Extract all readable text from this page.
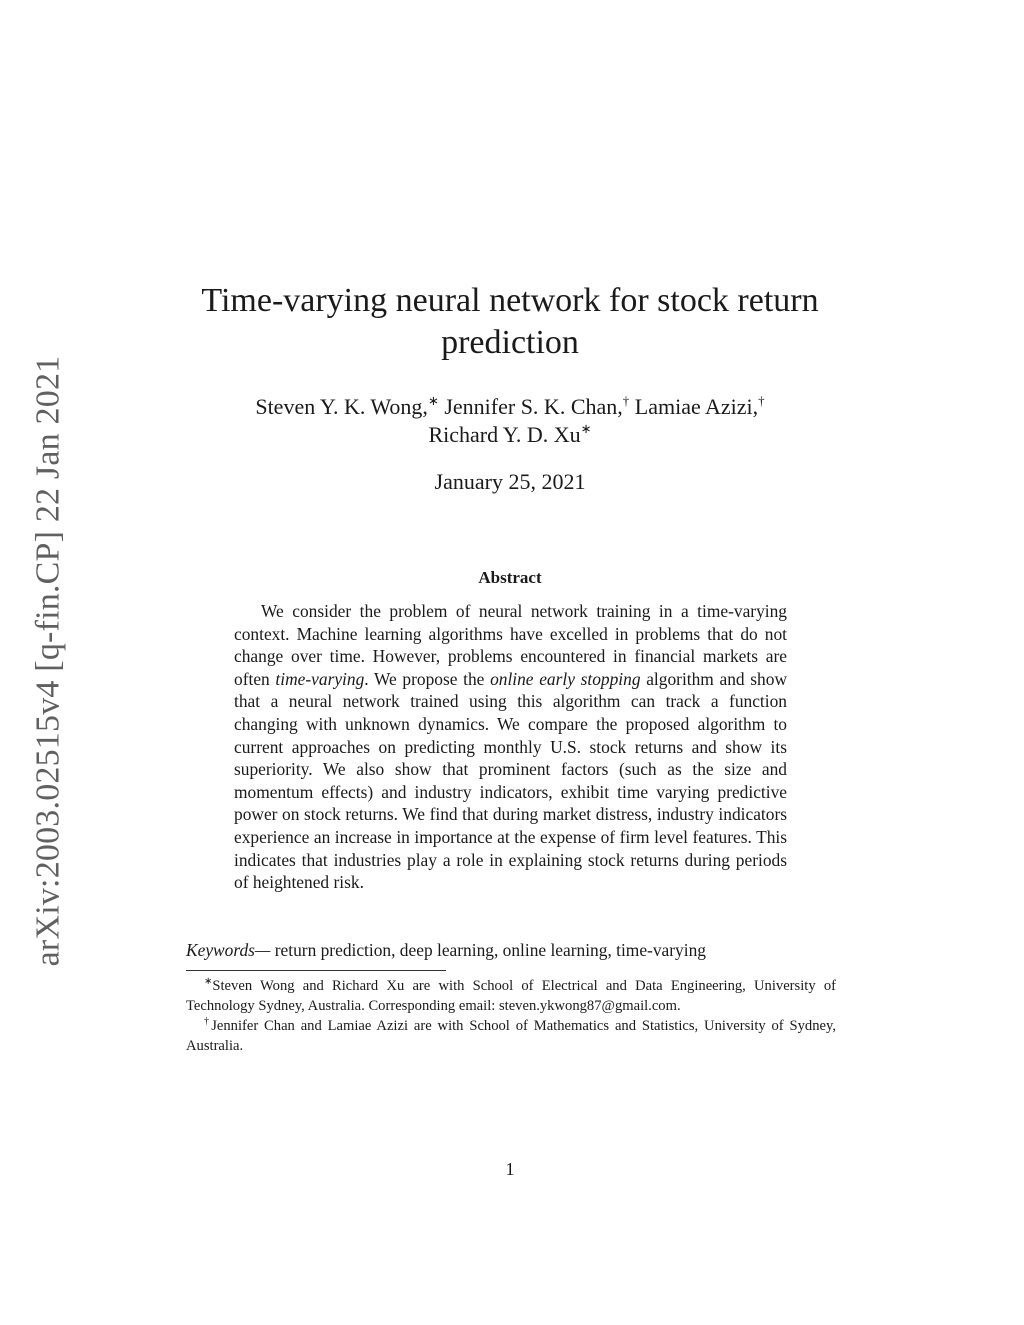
arXiv:2003.02515v4 [q-fin.CP] 22 Jan 2021
Time-varying neural network for stock return
prediction
Steven Y. K. Wong,∗ Jennifer S. K. Chan,† Lamiae Azizi,†
Richard Y. D. Xu∗
January 25, 2021
Abstract

We consider the problem of neural network training in a time-varying context. Machine learning algorithms have excelled in problems that do not change over time. However, problems encountered in financial markets are often time-varying. We propose the online early stopping algorithm and show that a neural network trained using this algorithm can track a function changing with unknown dynamics. We compare the proposed algorithm to current approaches on predicting monthly U.S. stock returns and show its superiority. We also show that prominent factors (such as the size and momentum effects) and industry indicators, exhibit time varying predictive power on stock returns. We find that during market distress, industry indicators experience an increase in importance at the expense of firm level features. This indicates that industries play a role in explaining stock returns during periods of heightened risk.

Keywords— return prediction, deep learning, online learning, time-varying

∗Steven Wong and Richard Xu are with School of Electrical and Data Engineering, University of Technology Sydney, Australia. Corresponding email: steven.ykwong87@gmail.com.

†Jennifer Chan and Lamiae Azizi are with School of Mathematics and Statistics, University of Sydney, Australia.

1
